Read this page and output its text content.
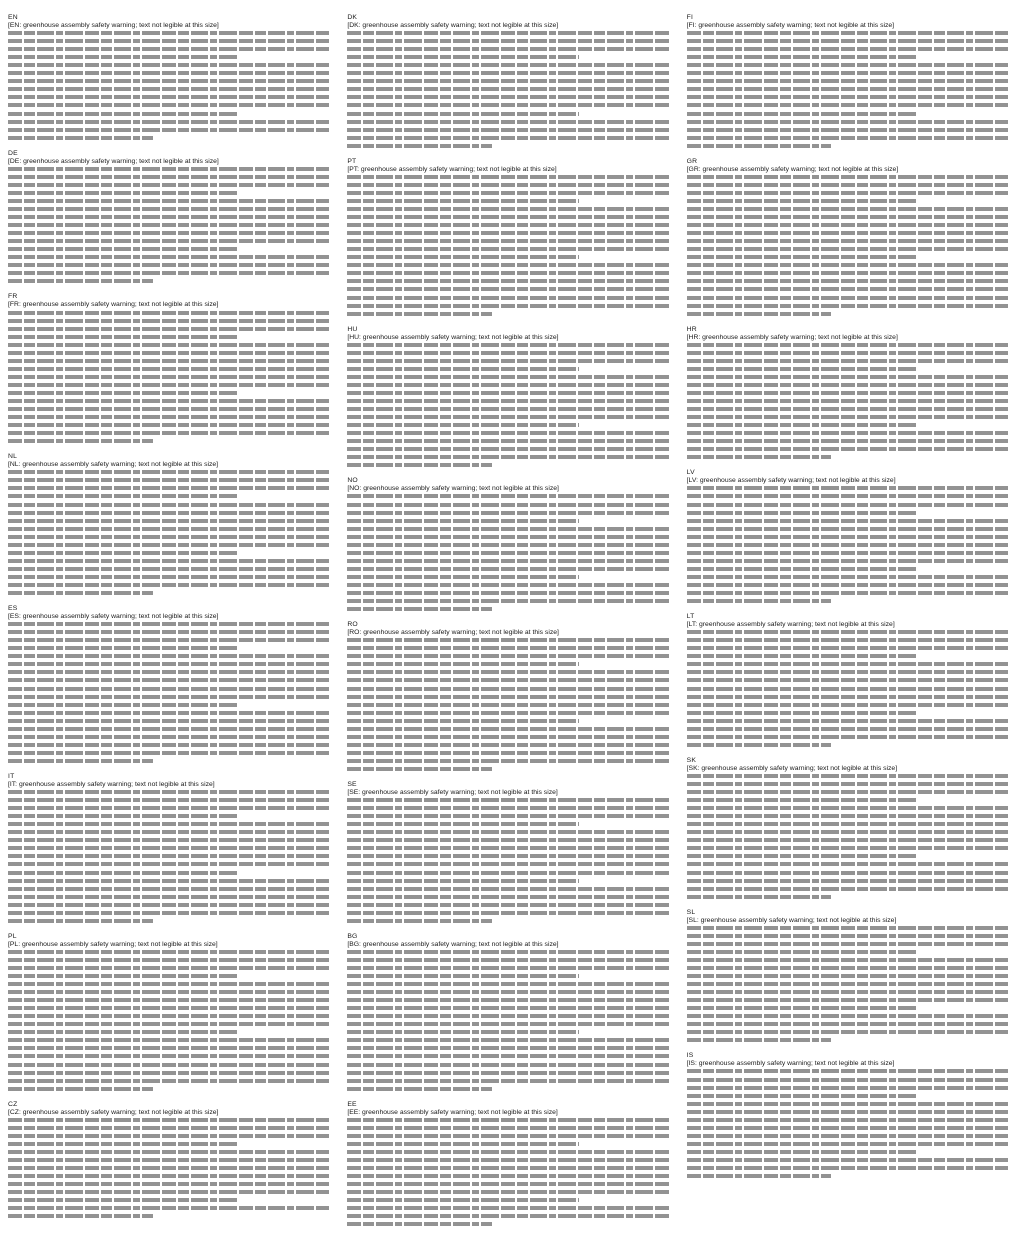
EN

[EN: greenhouse assembly safety warning; text not legible at this size]

DE

[DE: greenhouse assembly safety warning; text not legible at this size]

FR

[FR: greenhouse assembly safety warning; text not legible at this size]

NL

[NL: greenhouse assembly safety warning; text not legible at this size]

ES

[ES: greenhouse assembly safety warning; text not legible at this size]

IT

[IT: greenhouse assembly safety warning; text not legible at this size]

PL

[PL: greenhouse assembly safety warning; text not legible at this size]

CZ

[CZ: greenhouse assembly safety warning; text not legible at this size]

DK

[DK: greenhouse assembly safety warning; text not legible at this size]

PT

[PT: greenhouse assembly safety warning; text not legible at this size]

HU

[HU: greenhouse assembly safety warning; text not legible at this size]

NO

[NO: greenhouse assembly safety warning; text not legible at this size]

RO

[RO: greenhouse assembly safety warning; text not legible at this size]

SE

[SE: greenhouse assembly safety warning; text not legible at this size]

BG

[BG: greenhouse assembly safety warning; text not legible at this size]

EE

[EE: greenhouse assembly safety warning; text not legible at this size]

FI

[FI: greenhouse assembly safety warning; text not legible at this size]

GR

[GR: greenhouse assembly safety warning; text not legible at this size]

HR

[HR: greenhouse assembly safety warning; text not legible at this size]

LV

[LV: greenhouse assembly safety warning; text not legible at this size]

LT

[LT: greenhouse assembly safety warning; text not legible at this size]

SK

[SK: greenhouse assembly safety warning; text not legible at this size]

SL

[SL: greenhouse assembly safety warning; text not legible at this size]

IS

[IS: greenhouse assembly safety warning; text not legible at this size]
